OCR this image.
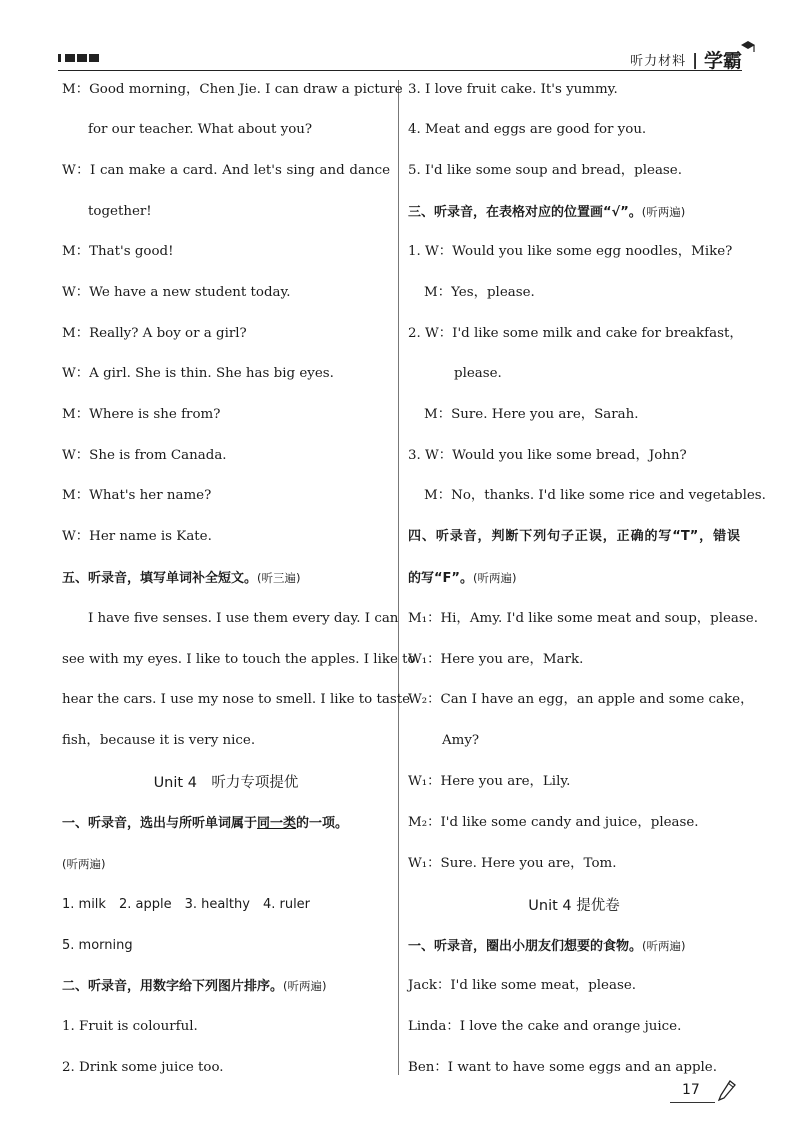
听力材料 | 学霸
M：Good morning，Chen Jie. I can draw a picture
for our teacher. What about you?
W：I can make a card. And let's sing and dance
together!
M：That's good!
W：We have a new student today.
M：Really? A boy or a girl?
W：A girl. She is thin. She has big eyes.
M：Where is she from?
W：She is from Canada.
M：What's her name?
W：Her name is Kate.
五、听录音，填写单词补全短文。(听三遍)
I have five senses. I use them every day. I can
see with my eyes. I like to touch the apples. I like to
hear the cars. I use my nose to smell. I like to taste
fish，because it is very nice.
Unit 4　听力专项提优
一、听录音，选出与所听单词属于同一类的一项。
(听两遍)
1. milk　2. apple　3. healthy　4. ruler
5. morning
二、听录音，用数字给下列图片排序。(听两遍)
1. Fruit is colourful.
2. Drink some juice too.
3. I love fruit cake. It's yummy.
4. Meat and eggs are good for you.
5. I'd like some soup and bread，please.
三、听录音，在表格对应的位置画“√”。(听两遍)
1. W：Would you like some egg noodles，Mike?
M：Yes，please.
2. W：I'd like some milk and cake for breakfast，
please.
M：Sure. Here you are，Sarah.
3. W：Would you like some bread，John?
M：No，thanks. I'd like some rice and vegetables.
四、听录音，判断下列句子正误，正确的写“T”，错误
的写“F”。(听两遍)
M₁：Hi，Amy. I'd like some meat and soup，please.
W₁：Here you are，Mark.
W₂：Can I have an egg，an apple and some cake，
Amy?
W₁：Here you are，Lily.
M₂：I'd like some candy and juice，please.
W₁：Sure. Here you are，Tom.
Unit 4 提优卷
一、听录音，圈出小朋友们想要的食物。(听两遍)
Jack：I'd like some meat，please.
Linda：I love the cake and orange juice.
Ben：I want to have some eggs and an apple.
17
